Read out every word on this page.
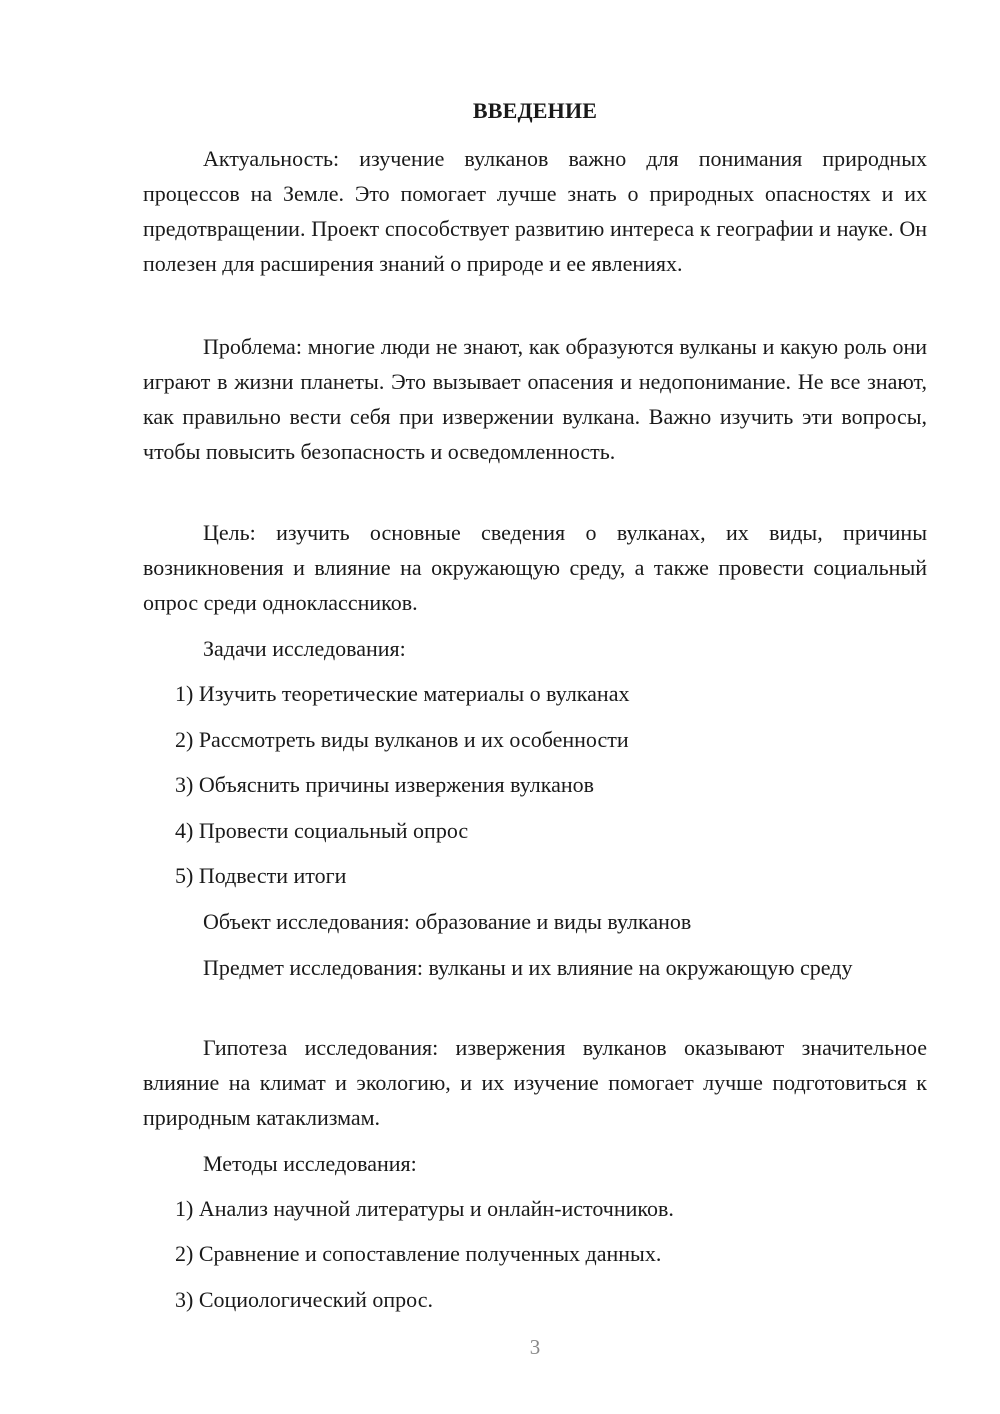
ВВЕДЕНИЕ

Актуальность: изучение вулканов важно для понимания природных процессов на Земле. Это помогает лучше знать о природных опасностях и их предотвращении. Проект способствует развитию интереса к географии и науке. Он полезен для расширения знаний о природе и ее явлениях.

Проблема: многие люди не знают, как образуются вулканы и какую роль они играют в жизни планеты. Это вызывает опасения и недопонимание. Не все знают, как правильно вести себя при извержении вулкана. Важно изучить эти вопросы, чтобы повысить безопасность и осведомленность.

Цель: изучить основные сведения о вулканах, их виды, причины возникновения и влияние на окружающую среду, а также провести социальный опрос среди одноклассников.

Задачи исследования:

1) Изучить теоретические материалы о вулканах

2) Рассмотреть виды вулканов и их особенности

3) Объяснить причины извержения вулканов

4) Провести социальный опрос

5) Подвести итоги

Объект исследования: образование и виды вулканов

Предмет исследования: вулканы и их влияние на окружающую среду

Гипотеза исследования: извержения вулканов оказывают значительное влияние на климат и экологию, и их изучение помогает лучше подготовиться к природным катаклизмам.

Методы исследования:

1) Анализ научной литературы и онлайн-источников.

2) Сравнение и сопоставление полученных данных.

3) Социологический опрос.

3
